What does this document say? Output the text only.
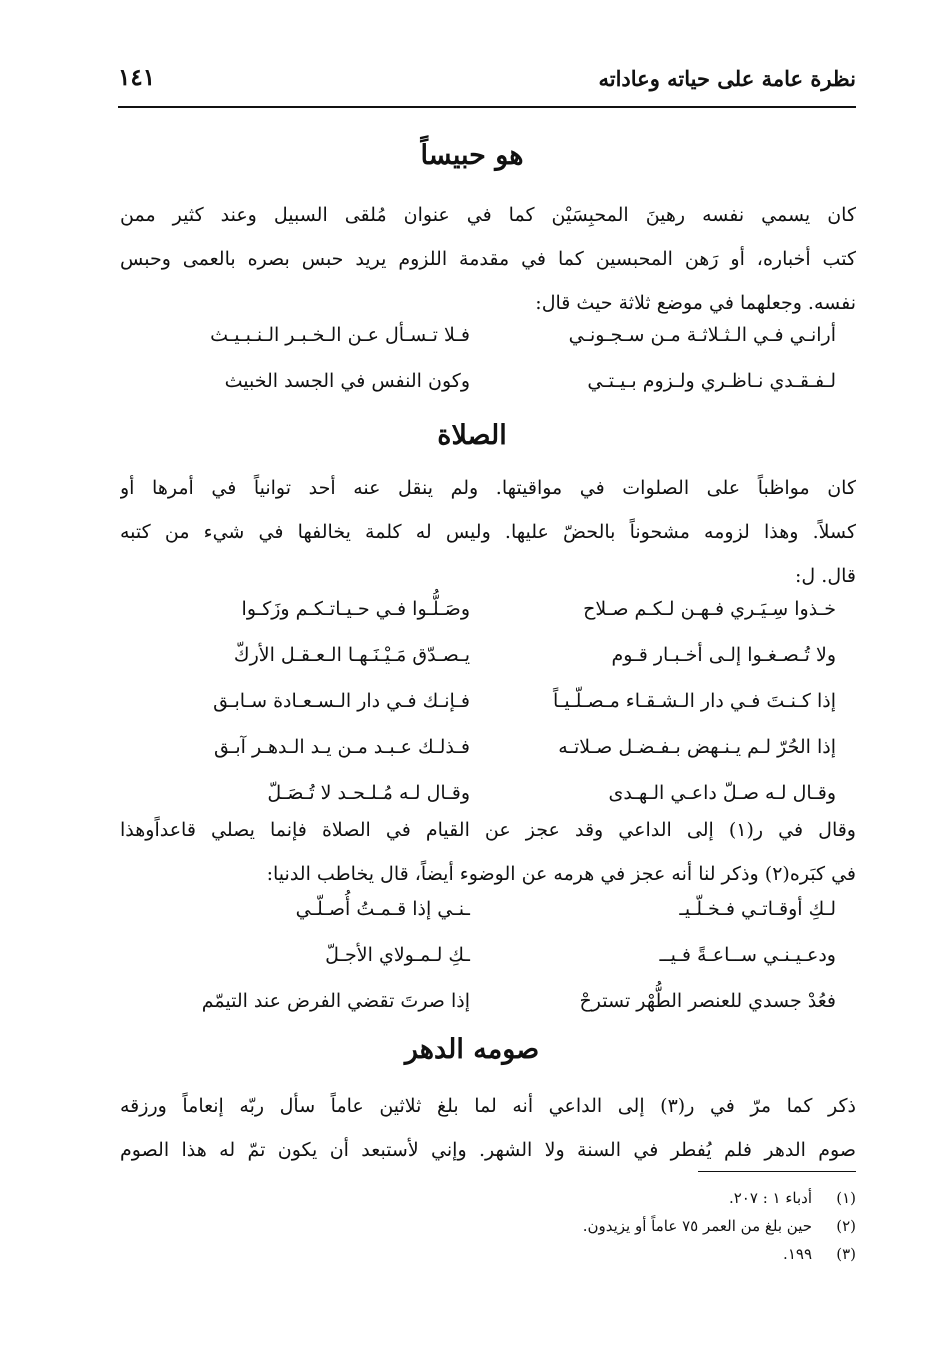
نظرة عامة على حياته وعاداته
١٤١
هو حبيساً
كان يسمي نفسه رهينَ المحبِسَيْن كما في عنوان مُلقى السبيل وعند كثير ممن
كتب أخباره، أو رَهن المحبسين كما في مقدمة اللزوم يريد حبس بصره بالعمى وحبس
نفسه. وجعلهما في موضع ثلاثة حيث قال:
أرانـي فـي الـثـلاثـة مـن سـجـونـي
فـلا تـسـأل عـن الـخـبـر الـنـبـيـث
لـفـقـدي نـاظـري ولـزوم بـيـتـي
وكون النفس في الجسد الخبيث
الصلاة
كان مواظباً على الصلوات في مواقيتها. ولم ينقل عنه أحد توانياً في أمرها أو
كسلاً. وهذا لزومه مشحوناً بالحضّ عليها. وليس له كلمة يخالفها في شيء من كتبه
قال. ل:
خـذوا سِـيَـري فـهـن لـكـم صـلاح
وصَـلُّـوا فـي حـيـاتـكـم وزَكـوا
ولا تُـصـغـوا إلـى أخـبـار قـوم
يـصـدّق مَـيْـنَـهـا الـعـقـل الأركّ
إذا كـنـتَ فـي دار الـشـقـاء مـصـلّـيـاً
فـإنـك فـي دار الـسـعـادة سـابـق
إذا الحُرّ لـم يـنـهض بـفـضـل صـلاتـه
فـذلـك عـبـد مـن يـد الـدهـر آبـق
وقـال لـه صـلّ داعـي الـهـدى
وقـال لـه مُـلـحـد لا تُـصَـلّ
وقال في ر(١) إلى الداعي وقد عجز عن القيام في الصلاة فإنما يصلي قاعداًوهذا
في كبَره(٢) وذكر لنا أنه عجز في هرمه عن الوضوء أيضاً، قال يخاطب الدنيا:
لـكِ أوقـاتـي فـخـلّـيـ
ـنـي إذا قـمـتُ أُصـلّـي
ودعـيـنـي ســاعـةً فـيــ
ـكِ لـمـولاي الأجـلّ
فعُدْ جسدي للعنصر الطُّهْر تسترحْ
إذا صرتَ تقضي الفرض عند التيمّم
صومه الدهر
ذكر كما مرّ في ر(٣) إلى الداعي أنه لما بلغ ثلاثين عاماً سأل ربّه إنعاماً ورزقه
صوم الدهر فلم يُفطر في السنة ولا الشهر. وإني لأستبعد أن يكون تمّ له هذا الصوم
(١)
أدباء ١ : ٢٠٧.
(٢)
حين بلغ من العمر ٧٥ عاماً أو يزيدون.
(٣)
١٩٩.
